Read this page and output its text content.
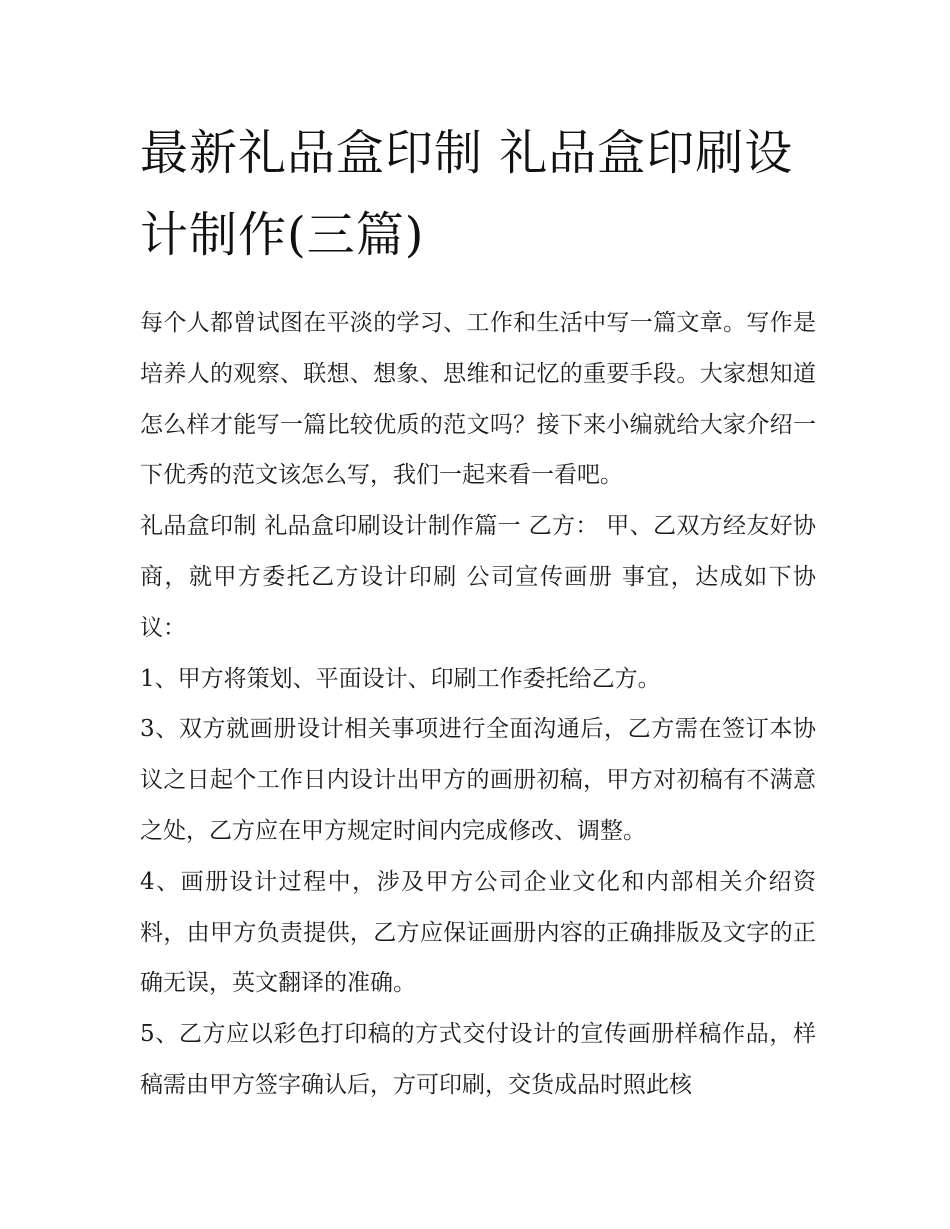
最新礼品盒印制 礼品盒印刷设计制作(三篇)

每个人都曾试图在平淡的学习、工作和生活中写一篇文章。写作是培养人的观察、联想、想象、思维和记忆的重要手段。大家想知道怎么样才能写一篇比较优质的范文吗？接下来小编就给大家介绍一下优秀的范文该怎么写，我们一起来看一看吧。

礼品盒印制 礼品盒印刷设计制作篇一 乙方： 甲、乙双方经友好协商，就甲方委托乙方设计印刷 公司宣传画册 事宜，达成如下协议：

1、甲方将策划、平面设计、印刷工作委托给乙方。

3、双方就画册设计相关事项进行全面沟通后，乙方需在签订本协议之日起个工作日内设计出甲方的画册初稿，甲方对初稿有不满意之处，乙方应在甲方规定时间内完成修改、调整。

4、画册设计过程中，涉及甲方公司企业文化和内部相关介绍资料，由甲方负责提供，乙方应保证画册内容的正确排版及文字的正确无误，英文翻译的准确。

5、乙方应以彩色打印稿的方式交付设计的宣传画册样稿作品，样稿需由甲方签字确认后，方可印刷，交货成品时照此核
